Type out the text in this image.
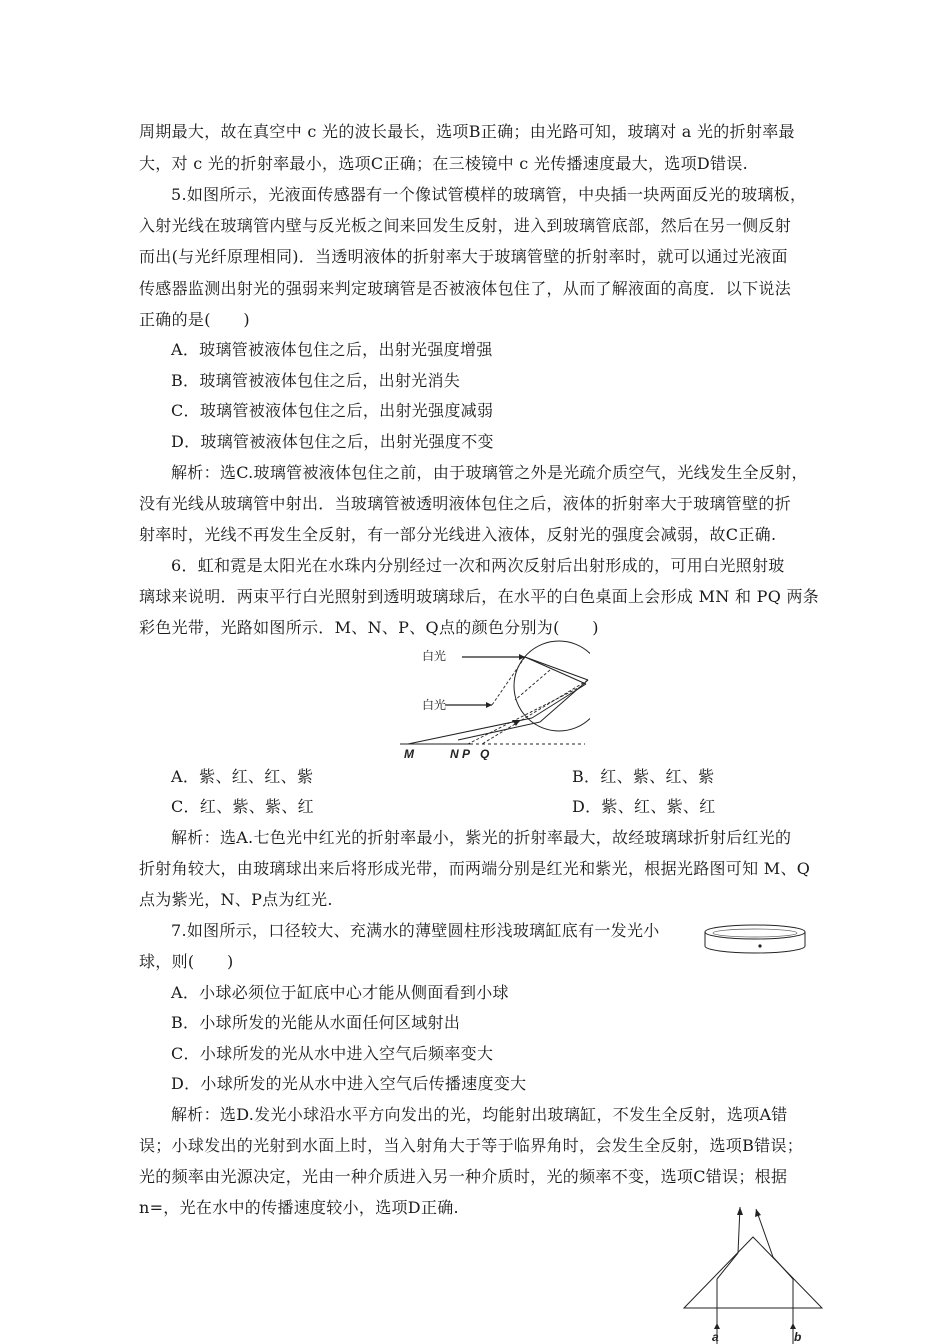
周期最大，故在真空中 c 光的波长最长，选项B正确；由光路可知，玻璃对 a 光的折射率最
大，对 c 光的折射率最小，选项C正确；在三棱镜中 c 光传播速度最大，选项D错误.
5.如图所示，光液面传感器有一个像试管模样的玻璃管，中央插一块两面反光的玻璃板，
入射光线在玻璃管内壁与反光板之间来回发生反射，进入到玻璃管底部，然后在另一侧反射
而出(与光纤原理相同)．当透明液体的折射率大于玻璃管壁的折射率时，就可以通过光液面
传感器监测出射光的强弱来判定玻璃管是否被液体包住了，从而了解液面的高度．以下说法
正确的是(　　)
A．玻璃管被液体包住之后，出射光强度增强
B．玻璃管被液体包住之后，出射光消失
C．玻璃管被液体包住之后，出射光强度减弱
D．玻璃管被液体包住之后，出射光强度不变
解析：选C.玻璃管被液体包住之前，由于玻璃管之外是光疏介质空气，光线发生全反射，
没有光线从玻璃管中射出．当玻璃管被透明液体包住之后，液体的折射率大于玻璃管壁的折
射率时，光线不再发生全反射，有一部分光线进入液体，反射光的强度会减弱，故C正确.
6．虹和霓是太阳光在水珠内分别经过一次和两次反射后出射形成的，可用白光照射玻
璃球来说明．两束平行白光照射到透明玻璃球后，在水平的白色桌面上会形成 MN 和 PQ 两条
彩色光带，光路如图所示．M、N、P、Q点的颜色分别为(　　)
白光
白光
M	N P Q
A．紫、红、红、紫	B．红、紫、红、紫
C．红、紫、紫、红	D．紫、红、紫、红
解析：选A.七色光中红光的折射率最小，紫光的折射率最大，故经玻璃球折射后红光的
折射角较大，由玻璃球出来后将形成光带，而两端分别是红光和紫光，根据光路图可知 M、Q
点为紫光，N、P点为红光.
7.如图所示，口径较大、充满水的薄壁圆柱形浅玻璃缸底有一发光小
球，则(　　)
A．小球必须位于缸底中心才能从侧面看到小球
B．小球所发的光能从水面任何区域射出
C．小球所发的光从水中进入空气后频率变大
D．小球所发的光从水中进入空气后传播速度变大
解析：选D.发光小球沿水平方向发出的光，均能射出玻璃缸，不发生全反射，选项A错
误；小球发出的光射到水面上时，当入射角大于等于临界角时，会发生全反射，选项B错误；
光的频率由光源决定，光由一种介质进入另一种介质时，光的频率不变，选项C错误；根据
n=，光在水中的传播速度较小，选项D正确.
a	b
